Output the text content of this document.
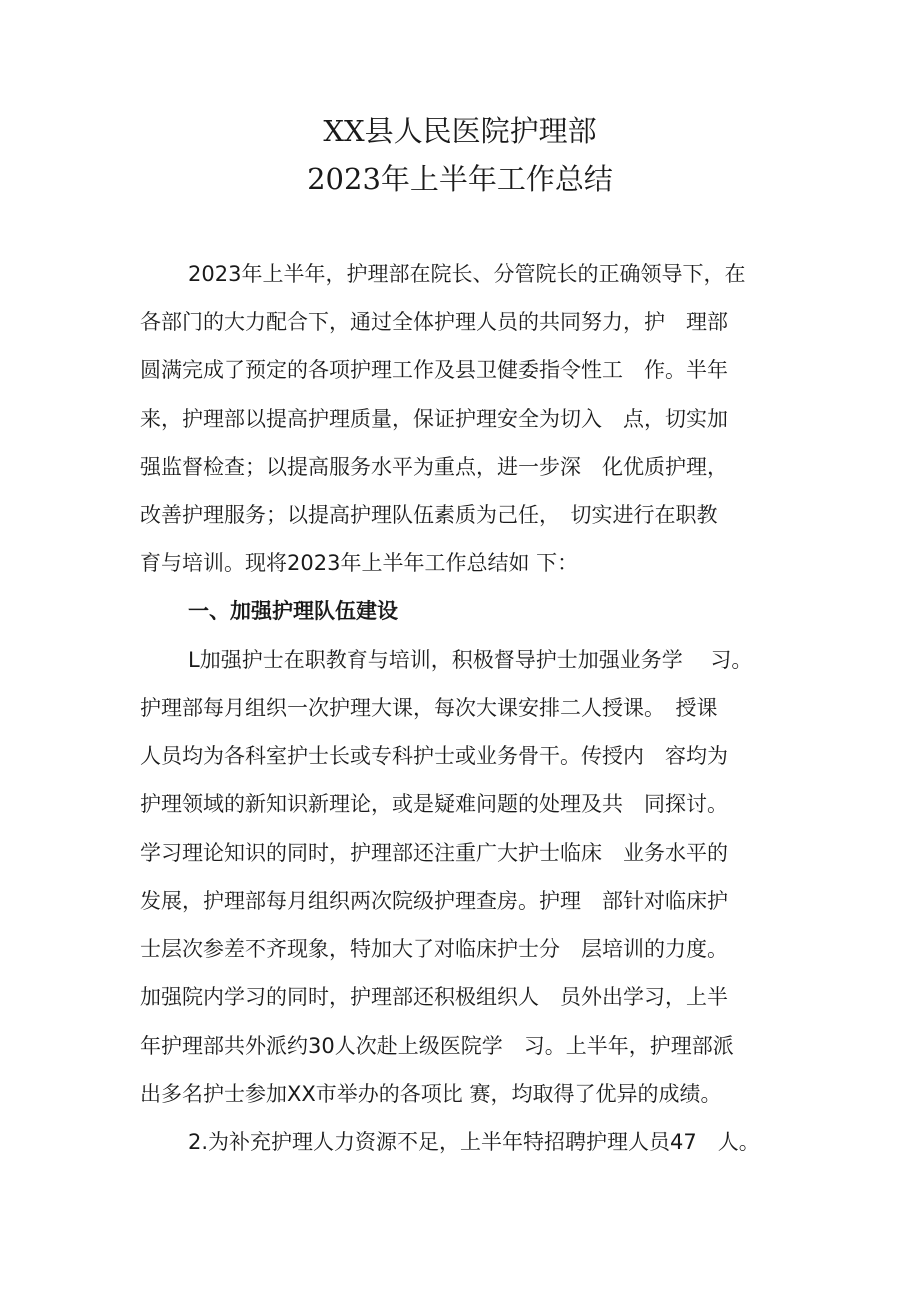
XX县人民医院护理部
2023年上半年工作总结
2023年上半年，护理部在院长、分管院长的正确领导下，在
各部门的大力配合下，通过全体护理人员的共同努力，护　理部
圆满完成了预定的各项护理工作及县卫健委指令性工　作。半年
来，护理部以提高护理质量，保证护理安全为切入　点，切实加
强监督检查；以提高服务水平为重点，进一步深　化优质护理，
改善护理服务；以提高护理队伍素质为己任，　切实进行在职教
育与培训。现将2023年上半年工作总结如 下：
一、加强护理队伍建设
L加强护士在职教育与培训，积极督导护士加强业务学　 习。
护理部每月组织一次护理大课，每次大课安排二人授课。　授课
人员均为各科室护士长或专科护士或业务骨干。传授内　容均为
护理领域的新知识新理论，或是疑难问题的处理及共　同探讨。
学习理论知识的同时，护理部还注重广大护士临床　业务水平的
发展，护理部每月组织两次院级护理查房。护理　部针对临床护
士层次参差不齐现象，特加大了对临床护士分　层培训的力度。
加强院内学习的同时，护理部还积极组织人　员外出学习，上半
年护理部共外派约30人次赴上级医院学　习。上半年，护理部派
出多名护士参加XX市举办的各项比 赛，均取得了优异的成绩。
2.为补充护理人力资源不足，上半年特招聘护理人员47　人。
